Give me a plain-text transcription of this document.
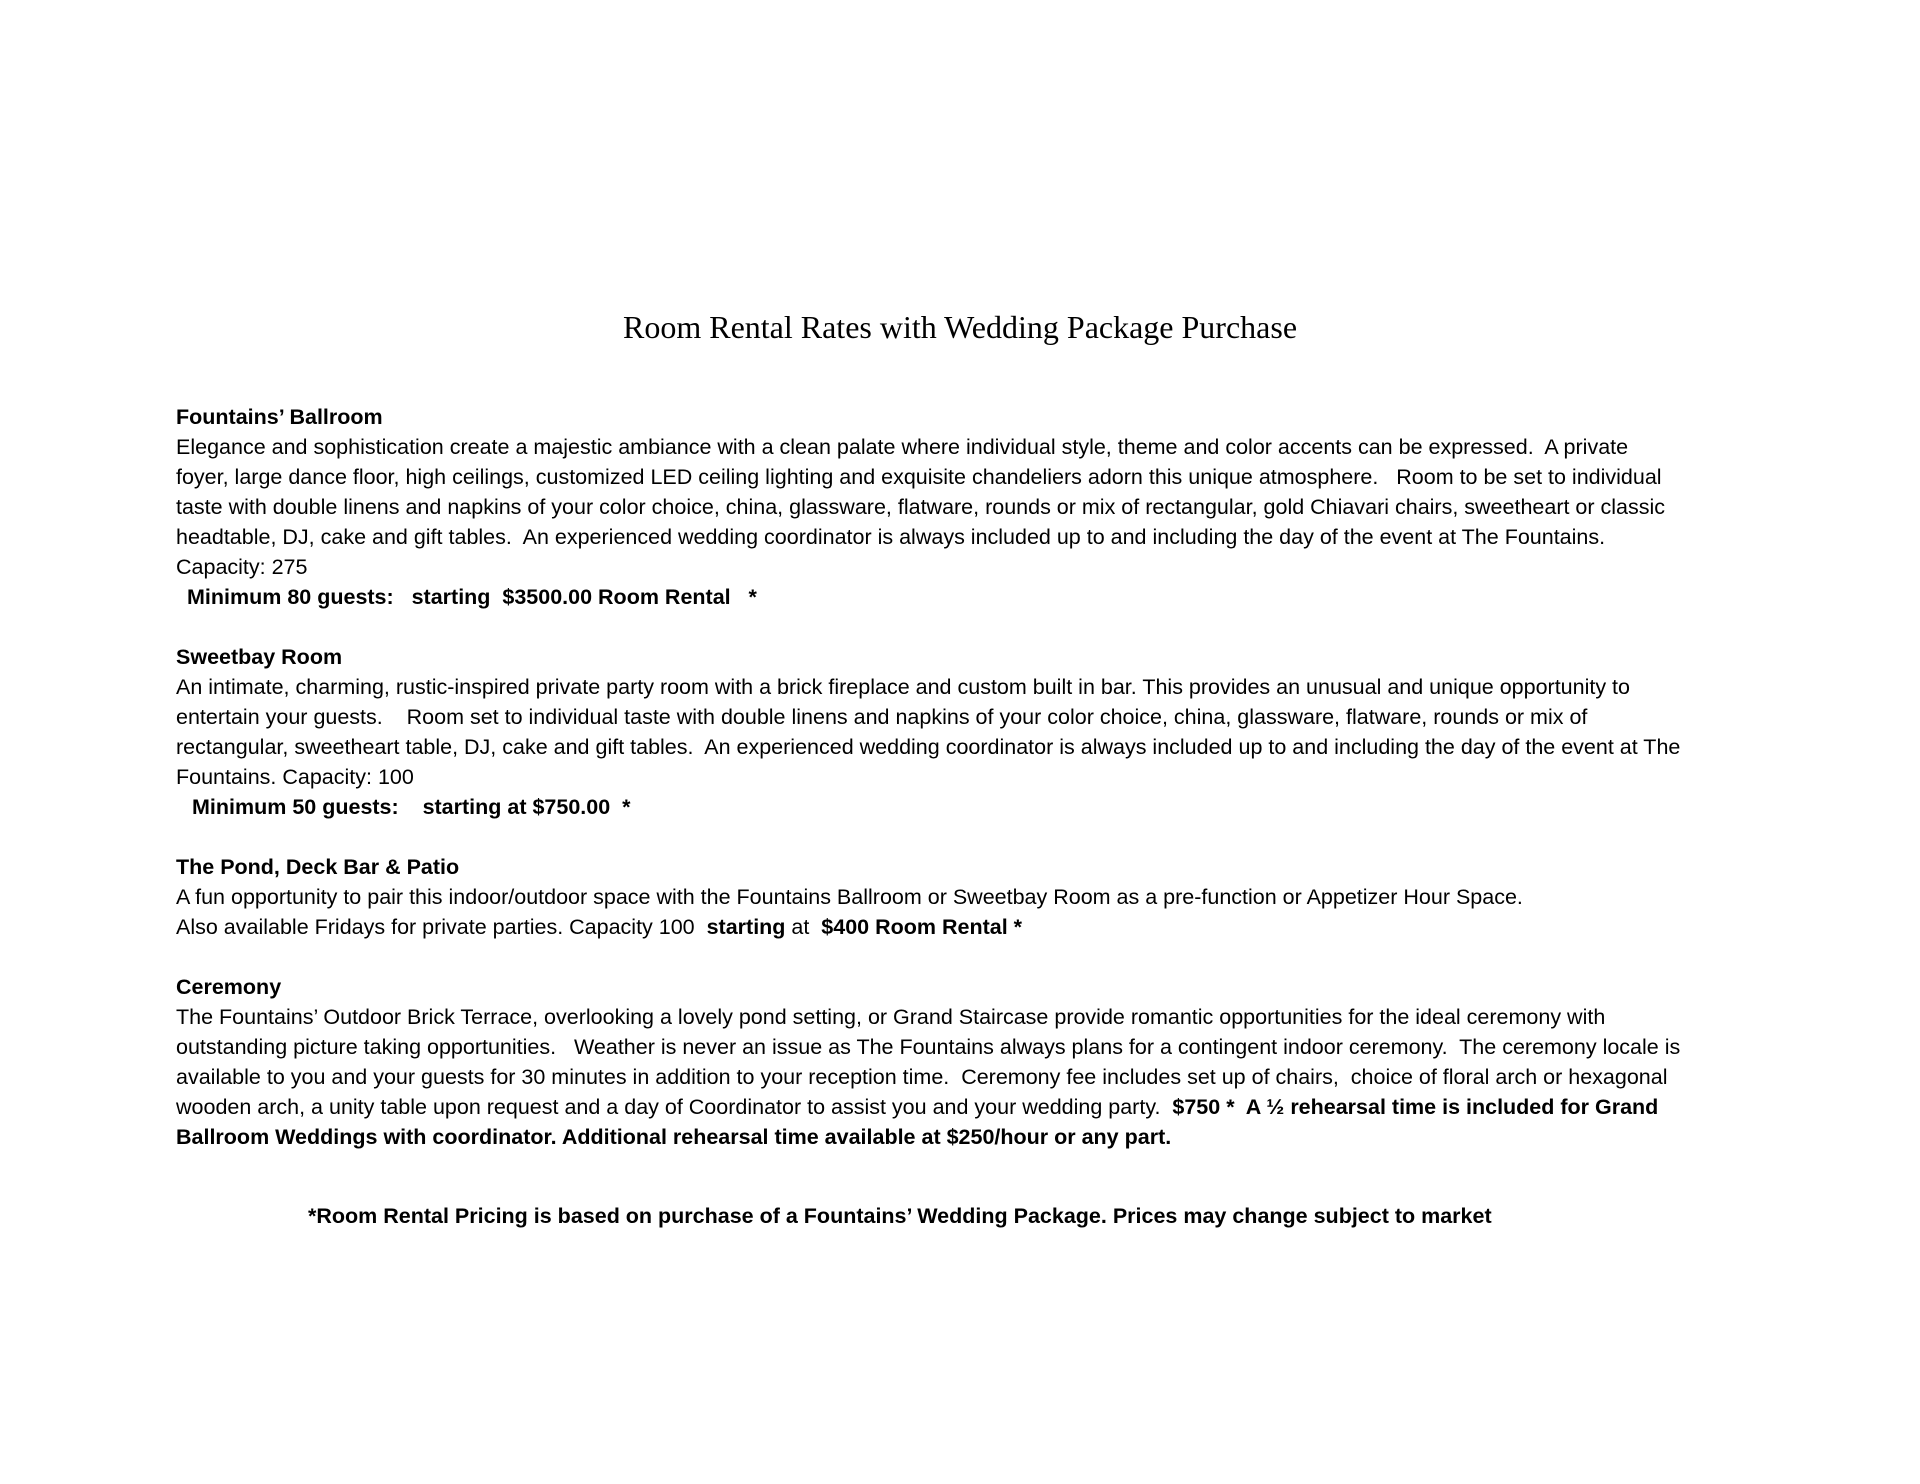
Room Rental Rates with Wedding Package Purchase

Fountains’ Ballroom

Elegance and sophistication create a majestic ambiance with a clean palate where individual style, theme and color accents can be expressed.  A private
foyer, large dance floor, high ceilings, customized LED ceiling lighting and exquisite chandeliers adorn this unique atmosphere.   Room to be set to individual
taste with double linens and napkins of your color choice, china, glassware, flatware, rounds or mix of rectangular, gold Chiavari chairs, sweetheart or classic
headtable, DJ, cake and gift tables.  An experienced wedding coordinator is always included up to and including the day of the event at The Fountains.
Capacity: 275

Minimum 80 guests:   starting  $3500.00 Room Rental   *

Sweetbay Room

An intimate, charming, rustic-inspired private party room with a brick fireplace and custom built in bar. This provides an unusual and unique opportunity to
entertain your guests.    Room set to individual taste with double linens and napkins of your color choice, china, glassware, flatware, rounds or mix of
rectangular, sweetheart table, DJ, cake and gift tables.  An experienced wedding coordinator is always included up to and including the day of the event at The
Fountains. Capacity: 100

Minimum 50 guests:    starting at $750.00  *

The Pond, Deck Bar & Patio

A fun opportunity to pair this indoor/outdoor space with the Fountains Ballroom or Sweetbay Room as a pre-function or Appetizer Hour Space.
Also available Fridays for private parties. Capacity 100  starting at  $400 Room Rental *

Ceremony

The Fountains’ Outdoor Brick Terrace, overlooking a lovely pond setting, or Grand Staircase provide romantic opportunities for the ideal ceremony with
outstanding picture taking opportunities.   Weather is never an issue as The Fountains always plans for a contingent indoor ceremony.  The ceremony locale is
available to you and your guests for 30 minutes in addition to your reception time.  Ceremony fee includes set up of chairs,  choice of floral arch or hexagonal
wooden arch, a unity table upon request and a day of Coordinator to assist you and your wedding party.  $750 *  A ½ rehearsal time is included for Grand
Ballroom Weddings with coordinator. Additional rehearsal time available at $250/hour or any part.

*Room Rental Pricing is based on purchase of a Fountains’ Wedding Package. Prices may change subject to market
